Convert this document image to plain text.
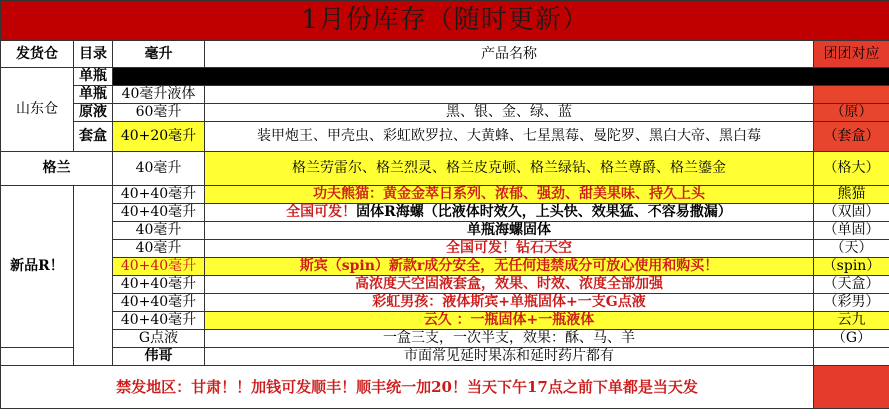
1月份库存（随时更新）				
发货仓	目录	毫升	产品名称	团团对应
山东仓	单瓶			
	单瓶	40毫升液体		
	原液	60毫升	黑、银、金、绿、蓝	（原）
	套盒	40+20毫升	装甲炮王、甲壳虫、彩虹欧罗拉、大黄蜂、七星黑莓、曼陀罗、黑白大帝、黑白莓	（套盒）
格兰		40毫升	格兰劳雷尔、格兰烈灵、格兰皮克顿、格兰绿钻、格兰尊爵、格兰鎏金	（格大）
新品R！		40+40毫升	功夫熊猫：黄金金萃日系列、浓郁、强劲、甜美果味、持久上头	熊猫
		40+40毫升	全国可发！固体R海螺（比液体时效久，上头快、效果猛、不容易撒漏）	（双固）
		40毫升	单瓶海螺固体	（单固）
		40毫升	全国可发！钻石天空	（天）
		40+40毫升	斯宾（spin）新款r成分安全，无任何违禁成分可放心使用和购买！	（spin）
		40+40毫升	高浓度天空固液套盒，效果、时效、浓度全部加强	（天盒）
		40+40毫升	彩虹男孩：液体斯宾+单瓶固体+一支G点液	（彩男）
		40+40毫升	云久 ：一瓶固体+一瓶液体	云九
		G点液	一盒三支，一次半支，效果：酥、马、羊	（G）
		伟哥	市面常见延时果冻和延时药片都有	
禁发地区：甘肃！！加钱可发顺丰！顺丰统一加20！当天下午17点之前下单都是当天发				
